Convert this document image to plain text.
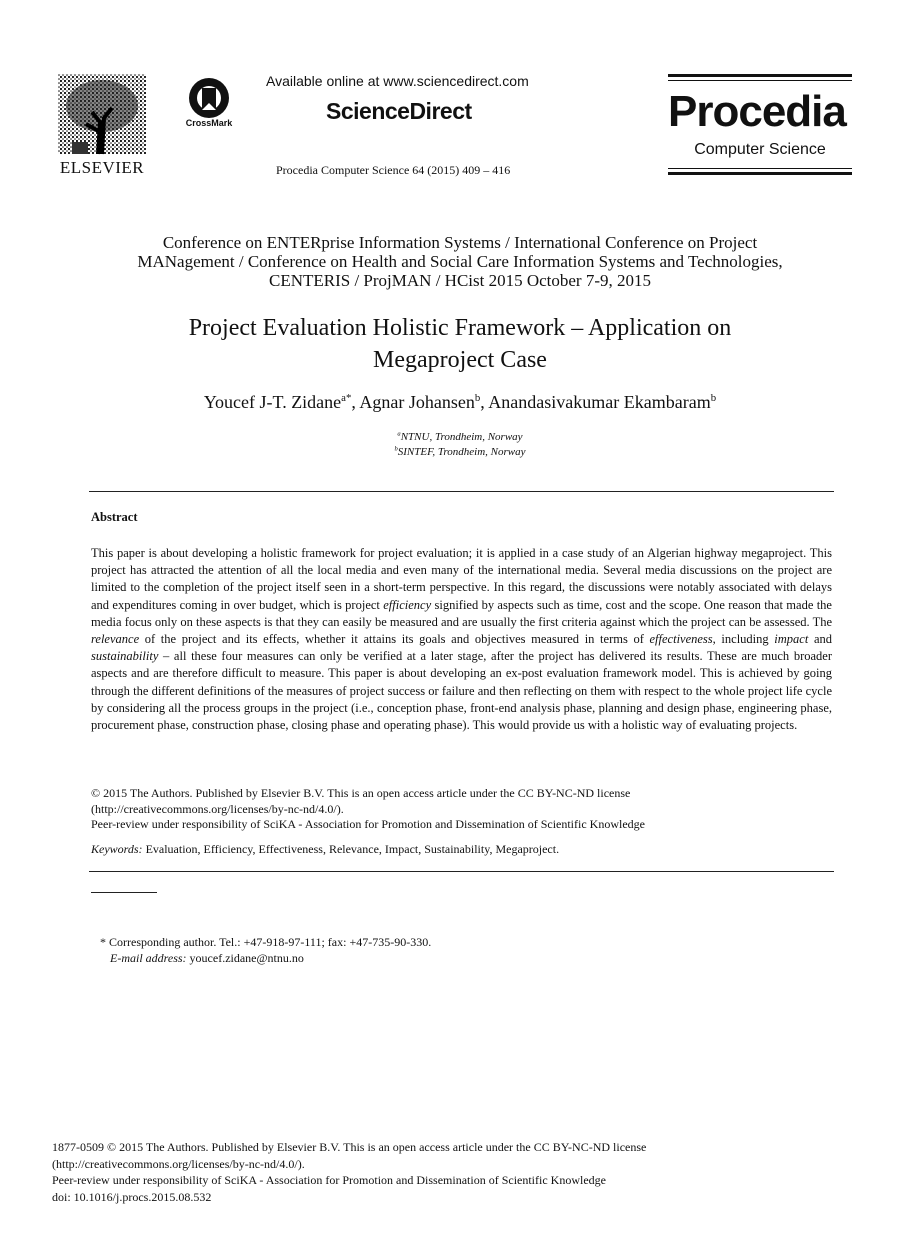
ELSEVIER
CrossMark
Available online at www.sciencedirect.com
ScienceDirect
Procedia Computer Science 64 (2015) 409 – 416
Procedia
Computer Science
Conference on ENTERprise Information Systems / International Conference on Project
MANagement / Conference on Health and Social Care Information Systems and Technologies,
CENTERIS / ProjMAN / HCist 2015 October 7-9, 2015
Project Evaluation Holistic Framework – Application on
Megaproject Case
Youcef J-T. Zidane$^{a*}$, Agnar Johansen$^b$, Anandasivakumar Ekambaram$^b$
$^a$NTNU, Trondheim, Norway
$^b$SINTEF, Trondheim, Norway
Abstract
This paper is about developing a holistic framework for project evaluation; it is applied in a case study of an Algerian highway megaproject. This project has attracted the attention of all the local media and even many of the international media. Several media discussions on the project are limited to the completion of the project itself seen in a short-term perspective. In this regard, the discussions were notably associated with delays and expenditures coming in over budget, which is project efficiency signified by aspects such as time, cost and the scope. One reason that made the media focus only on these aspects is that they can easily be measured and are usually the first criteria against which the project can be assessed. The relevance of the project and its effects, whether it attains its goals and objectives measured in terms of effectiveness, including impact and sustainability – all these four measures can only be verified at a later stage, after the project has delivered its results. These are much broader aspects and are therefore difficult to measure. This paper is about developing an ex-post evaluation framework model. This is achieved by going through the different definitions of the measures of project success or failure and then reflecting on them with respect to the whole project life cycle by considering all the process groups in the project (i.e., conception phase, front-end analysis phase, planning and design phase, engineering phase, procurement phase, construction phase, closing phase and operating phase). This would provide us with a holistic way of evaluating projects.
© 2015 The Authors. Published by Elsevier B.V. This is an open access article under the CC BY-NC-ND license
(http://creativecommons.org/licenses/by-nc-nd/4.0/).
Peer-review under responsibility of SciKA - Association for Promotion and Dissemination of Scientific Knowledge
Keywords: Evaluation, Efficiency, Effectiveness, Relevance, Impact, Sustainability, Megaproject.
* Corresponding author. Tel.: +47-918-97-111; fax: +47-735-90-330.
E-mail address: youcef.zidane@ntnu.no
1877-0509 © 2015 The Authors. Published by Elsevier B.V. This is an open access article under the CC BY-NC-ND license
(http://creativecommons.org/licenses/by-nc-nd/4.0/).
Peer-review under responsibility of SciKA - Association for Promotion and Dissemination of Scientific Knowledge
doi: 10.1016/j.procs.2015.08.532
